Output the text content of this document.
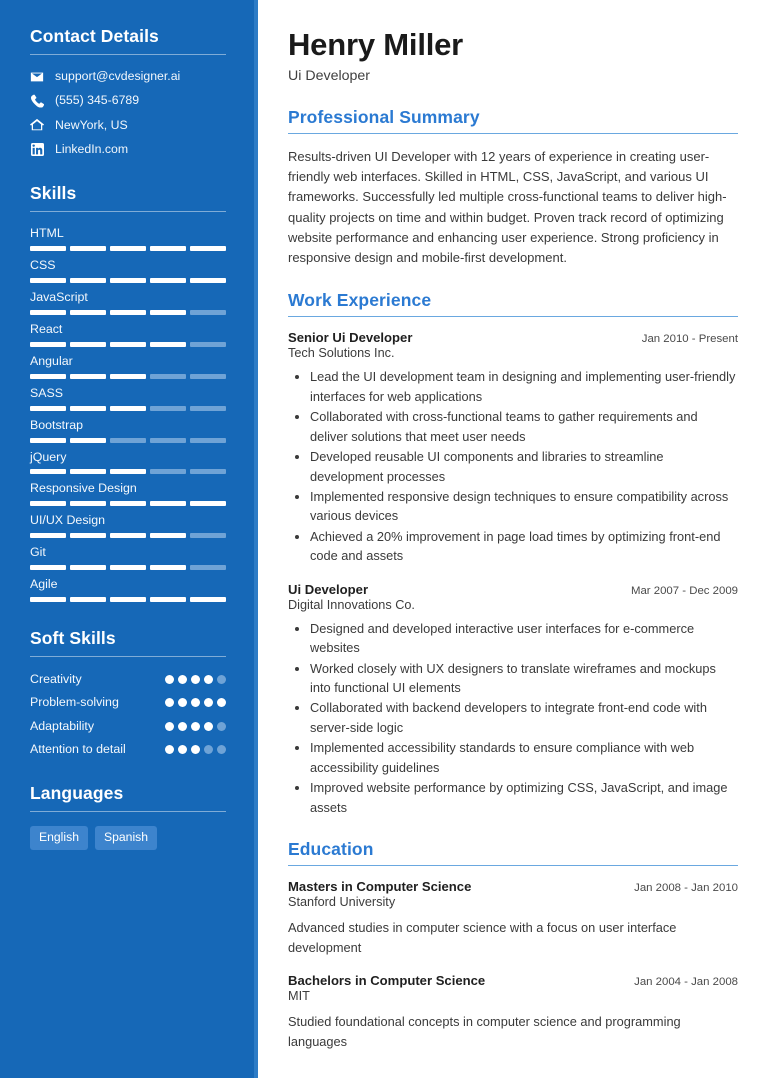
Contact Details
support@cvdesigner.ai
(555) 345-6789
NewYork, US
LinkedIn.com
Skills
HTML
CSS
JavaScript
React
Angular
SASS
Bootstrap
jQuery
Responsive Design
UI/UX Design
Git
Agile
Soft Skills
Creativity
Problem-solving
Adaptability
Attention to detail
Languages
English	Spanish
Henry Miller
Ui Developer
Professional Summary

Results-driven UI Developer with 12 years of experience in creating user-friendly web interfaces. Skilled in HTML, CSS, JavaScript, and various UI frameworks. Successfully led multiple cross-functional teams to deliver high-quality projects on time and within budget. Proven track record of optimizing website performance and enhancing user experience. Strong proficiency in responsive design and mobile-first development.

Work Experience
Senior Ui Developer	Jan 2010 - Present
Tech Solutions Inc.
• Lead the UI development team in designing and implementing user-friendly interfaces for web applications
• Collaborated with cross-functional teams to gather requirements and deliver solutions that meet user needs
• Developed reusable UI components and libraries to streamline development processes
• Implemented responsive design techniques to ensure compatibility across various devices
• Achieved a 20% improvement in page load times by optimizing front-end code and assets
Ui Developer	Mar 2007 - Dec 2009
Digital Innovations Co.
• Designed and developed interactive user interfaces for e-commerce websites
• Worked closely with UX designers to translate wireframes and mockups into functional UI elements
• Collaborated with backend developers to integrate front-end code with server-side logic
• Implemented accessibility standards to ensure compliance with web accessibility guidelines
• Improved website performance by optimizing CSS, JavaScript, and image assets
Education
Masters in Computer Science	Jan 2008 - Jan 2010
Stanford University
Advanced studies in computer science with a focus on user interface development
Bachelors in Computer Science	Jan 2004 - Jan 2008
MIT
Studied foundational concepts in computer science and programming languages
